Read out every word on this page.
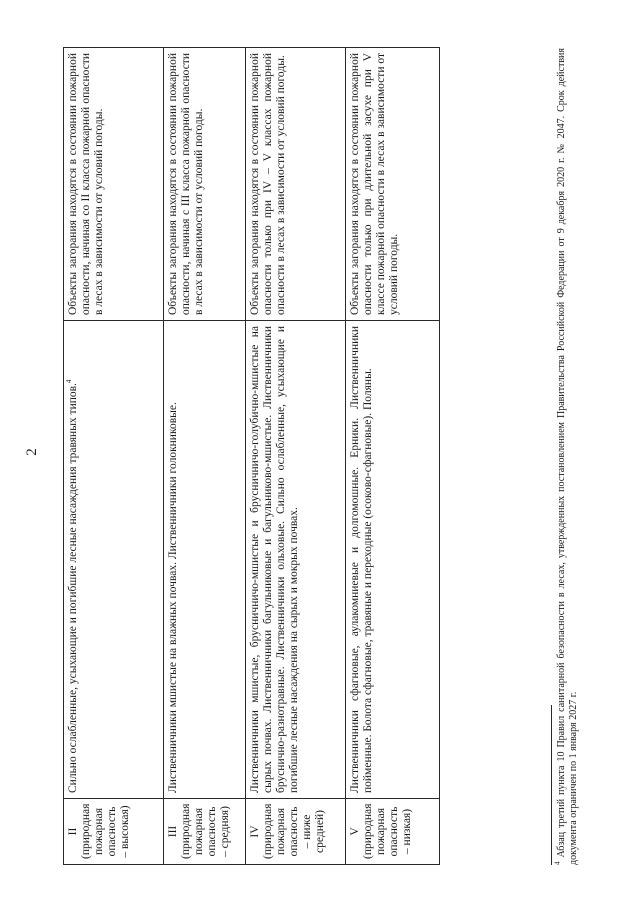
2
II (природная пожарная опасность – высокая)	Сильно ослабленные, усыхающие и погибшие лесные насаждения травяных типов.$^4$	Объекты загорания находятся в состоянии пожарной опасности, начиная со II класса пожарной опасности в лесах в зависимости от условий погоды.

III (природная пожарная опасность – средняя)	Лиственничники мшистые на влажных почвах. Лиственничники голокниковые.	Объекты загорания находятся в состоянии пожарной опасности, начиная с III класса пожарной опасности в лесах в зависимости от условий погоды.

IV (природная пожарная опасность – ниже средней)	Лиственничники мшистые, брусничничо-мшистые и брусничничо-голубично-мшистые на сырых почвах. Лиственничники багульниковые и багульниково-мшистые. Лиственничники бруснично-разнотравные. Лиственничники ольховые. Сильно ослабленные, усыхающие и погибшие лесные насаждения на сырых и мокрых почвах.	Объекты загорания находятся в состоянии пожарной опасности только при IV – V классах пожарной опасности в лесах в зависимости от условий погоды.

V (природная пожарная опасность – низкая)	Лиственничники сфагновые, аулакомниевые и долгомошные. Ерники. Лиственничники пойменные. Болота сфагновые, травяные и переходные (осоково-сфагновые). Поляны.	Объекты загорания находятся в состоянии пожарной опасности только при длительной засухе при V классе пожарной опасности в лесах в зависимости от условий погоды.
$^4$ Абзац третий пункта 10 Правил санитарной безопасности в лесах, утвержденных постановлением Правительства Российской Федерации от 9 декабря 2020 г. № 2047. Срок действия документа ограничен по 1 января 2027 г.
